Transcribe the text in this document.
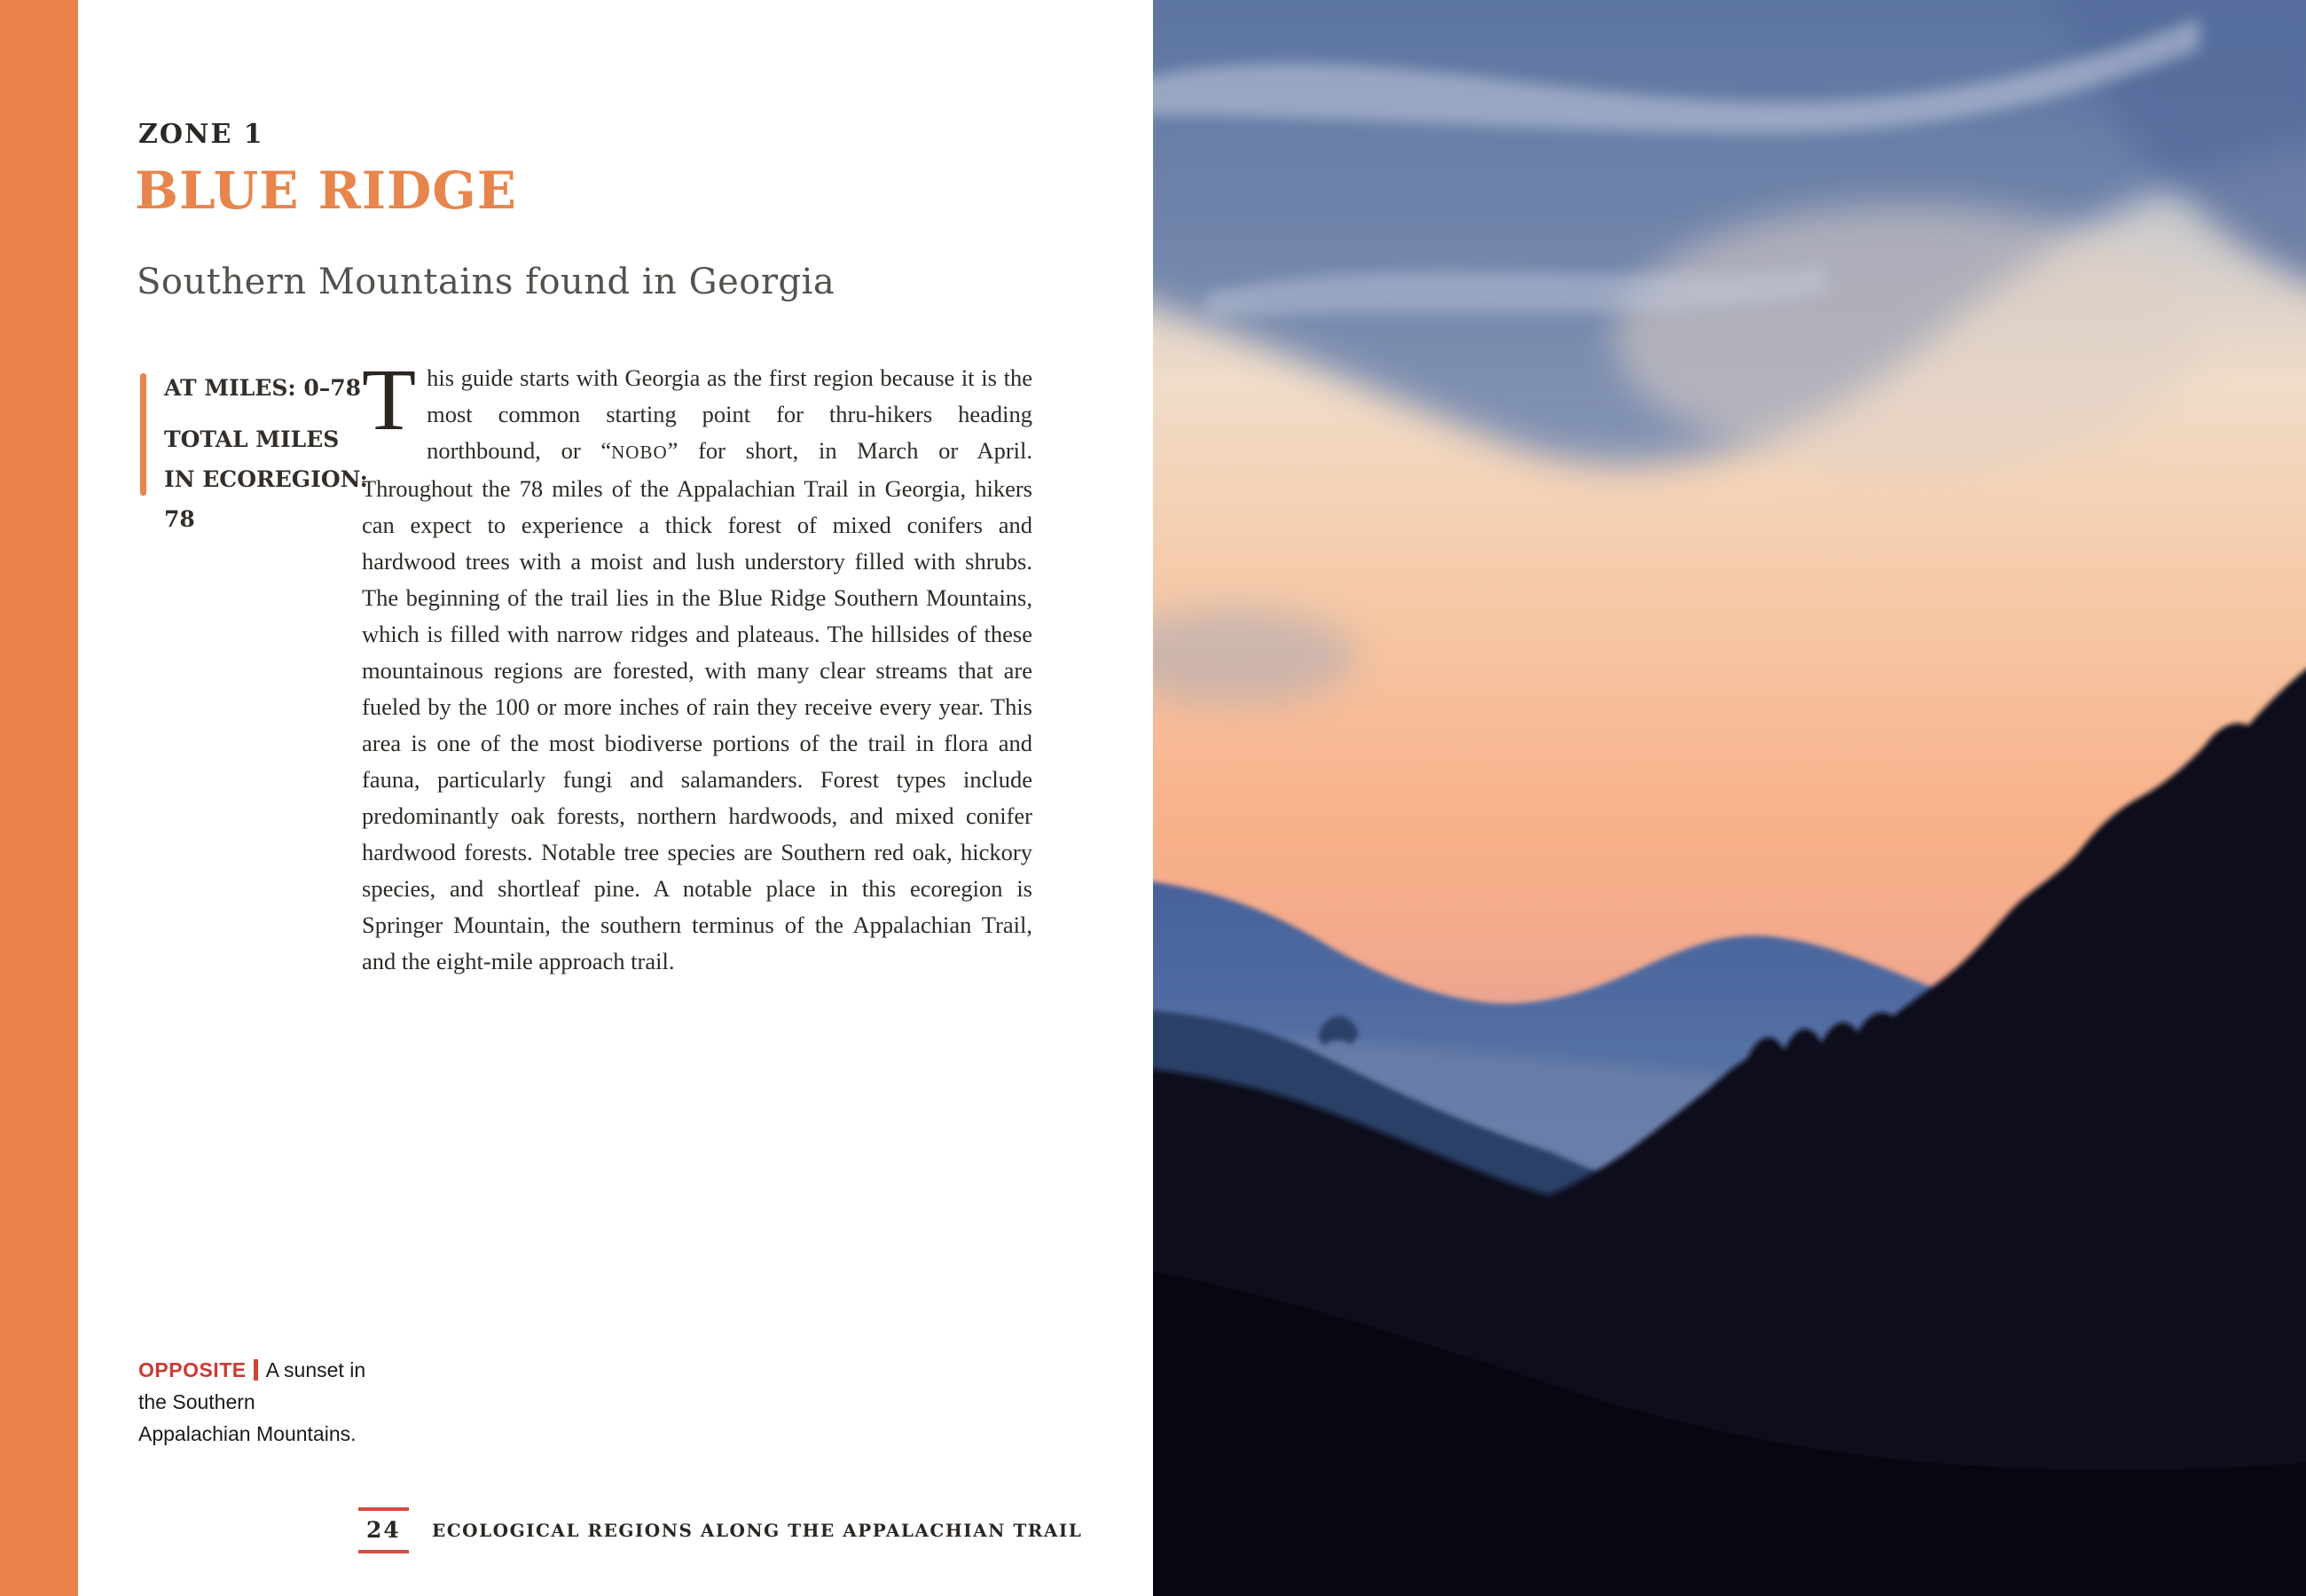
ZONE 1
BLUE RIDGE
Southern Mountains found in Georgia

AT MILES: 0–78

TOTAL MILES IN ECOREGION: 78

This guide starts with Georgia as the first region because it is the most common starting point for thru-hikers heading northbound, or “NOBO” for short, in March or April. Throughout the 78 miles of the Appalachian Trail in Georgia, hikers can expect to experience a thick forest of mixed conifers and hardwood trees with a moist and lush understory filled with shrubs. The beginning of the trail lies in the Blue Ridge Southern Mountains, which is filled with narrow ridges and plateaus. The hillsides of these mountainous regions are forested, with many clear streams that are fueled by the 100 or more inches of rain they receive every year. This area is one of the most biodiverse portions of the trail in flora and fauna, particularly fungi and salamanders. Forest types include predominantly oak forests, northern hardwoods, and mixed conifer hardwood forests. Notable tree species are Southern red oak, hickory species, and shortleaf pine. A notable place in this ecoregion is Springer Mountain, the southern terminus of the Appalachian Trail, and the eight-mile approach trail.

OPPOSITE A sunset in the Southern Appalachian Mountains.

24	ECOLOGICAL REGIONS ALONG THE APPALACHIAN TRAIL
